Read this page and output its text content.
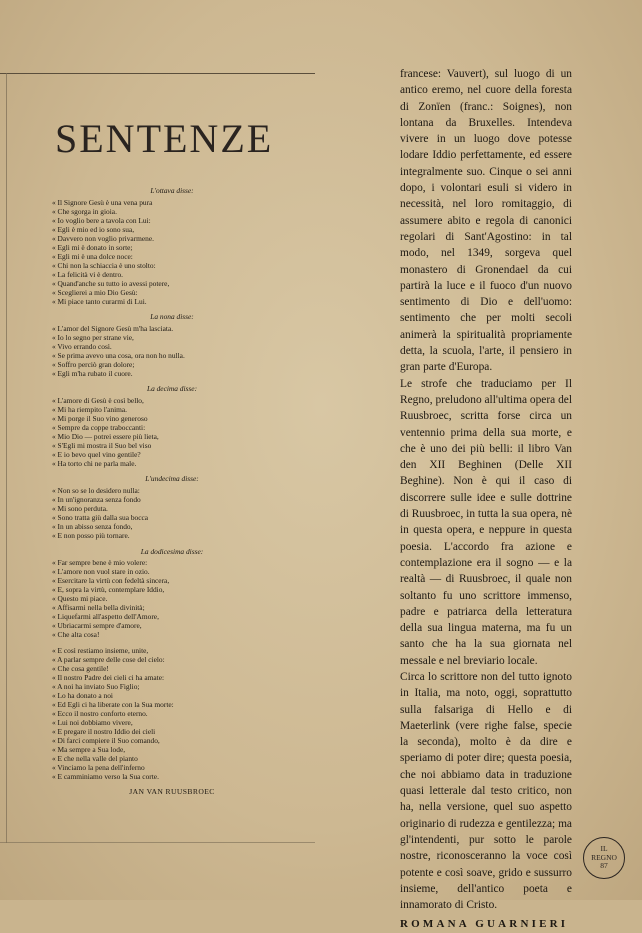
SENTENZE
L'ottava disse:
« Il Signore Gesù è una vena pura
« Che sgorga in gioia.
« Io voglio bere a tavola con Lui:
« Egli è mio ed io sono sua,
« Davvero non voglio privarmene.
« Egli mi è donato in sorte;
« Egli mi è una dolce noce:
« Chi non la schiaccia è uno stolto:
« La felicità vi è dentro.
« Quand'anche su tutto io avessi potere,
« Sceglierei a mio Dio Gesù:
« Mi piace tanto curarmi di Lui.
La nona disse:
« L'amor del Signore Gesù m'ha lasciata.
« Io lo segno per strane vie,
« Vivo errando così.
« Se prima avevo una cosa, ora non ho nulla.
« Soffro perciò gran dolore;
« Egli m'ha rubato il cuore.
La decima disse:
« L'amore di Gesù è così bello,
« Mi ha riempito l'anima.
« Mi porge il Suo vino generoso
« Sempre da coppe traboccanti:
« Mio Dio — potrei essere più lieta,
« S'Egli mi mostra il Suo bel viso
« E io bevo quel vino gentile?
« Ha torto chi ne parla male.
L'undecima disse:
« Non so se lo desidero nulla:
« In un'ignoranza senza fondo
« Mi sono perduta.
« Sono tratta giù dalla sua bocca
« In un abisso senza fondo,
« E non posso più tornare.
La dodicesima disse:
« Far sempre bene è mio volere:
« L'amore non vuol stare in ozio.
« Esercitare la virtù con fedeltà sincera,
« E, sopra la virtù, contemplare Iddio,
« Questo mi piace.
« Affisarmi nella bella divinità;
« Liquefarmi all'aspetto dell'Amore,
« Ubriacarmi sempre d'amore,
« Che alta cosa!
« E così restiamo insieme, unite,
« A parlar sempre delle cose del cielo:
« Che cosa gentile!
« Il nostro Padre dei cieli ci ha amate:
« A noi ha inviato Suo Figlio;
« Lo ha donato a noi
« Ed Egli ci ha liberate con la Sua morte:
« Ecco il nostro conforto eterno.
« Lui noi dobbiamo vivere,
« E pregare il nostro Iddio dei cieli
« Di farci compiere il Suo comando,
« Ma sempre a Sua lode,
« E che nella valle del pianto
« Vinciamo la pena dell'inferno
« E camminiamo verso la Sua corte.
JAN VAN RUUSBROEC
francese: Vauvert), sul luogo di un antico eremo, nel cuore della foresta di Zonïen (franc.: Soignes), non lontana da Bruxelles. Intendeva vivere in un luogo dove potesse lodare Iddio perfettamente, ed essere integralmente suo. Cinque o sei anni dopo, i volontari esuli si videro in necessità, nel loro romitaggio, di assumere abito e regola di canonici regolari di Sant'Agostino: in tal modo, nel 1349, sorgeva quel monastero di Gronendael da cui partirà la luce e il fuoco d'un nuovo sentimento di Dio e dell'uomo: sentimento che per molti secoli animerà la spiritualità propriamente detta, la scuola, l'arte, il pensiero in gran parte d'Europa.
Le strofe che traduciamo per Il Regno, preludono all'ultima opera del Ruusbroec, scritta forse circa un ventennio prima della sua morte, e che è uno dei più belli: il libro Van den XII Beghinen (Delle XII Beghine). Non è qui il caso di discorrere sulle idee e sulle dottrine di Ruusbroec, in tutta la sua opera, nè in questa opera, e neppure in questa poesia. L'accordo fra azione e contemplazione era il sogno — e la realtà — di Ruusbroec, il quale non soltanto fu uno scrittore immenso, padre e patriarca della letteratura della sua lingua materna, ma fu un santo che ha la sua giornata nel messale e nel breviario locale.
Circa lo scrittore non del tutto ignoto in Italia, ma noto, oggi, soprattutto sulla falsariga di Hello e di Maeterlink (vere righe false, specie la seconda), molto è da dire e speriamo di poter dire; questa poesia, che noi abbiamo data in traduzione quasi letterale dal testo critico, non ha, nella versione, quel suo aspetto originario di rudezza e gentilezza; ma gl'intendenti, pur sotto le parole nostre, riconosceranno la voce così potente e così soave, grido e sussurro insieme, dell'antico poeta e innamorato di Cristo.
ROMANA GUARNIERI
IL
REGNO
87
